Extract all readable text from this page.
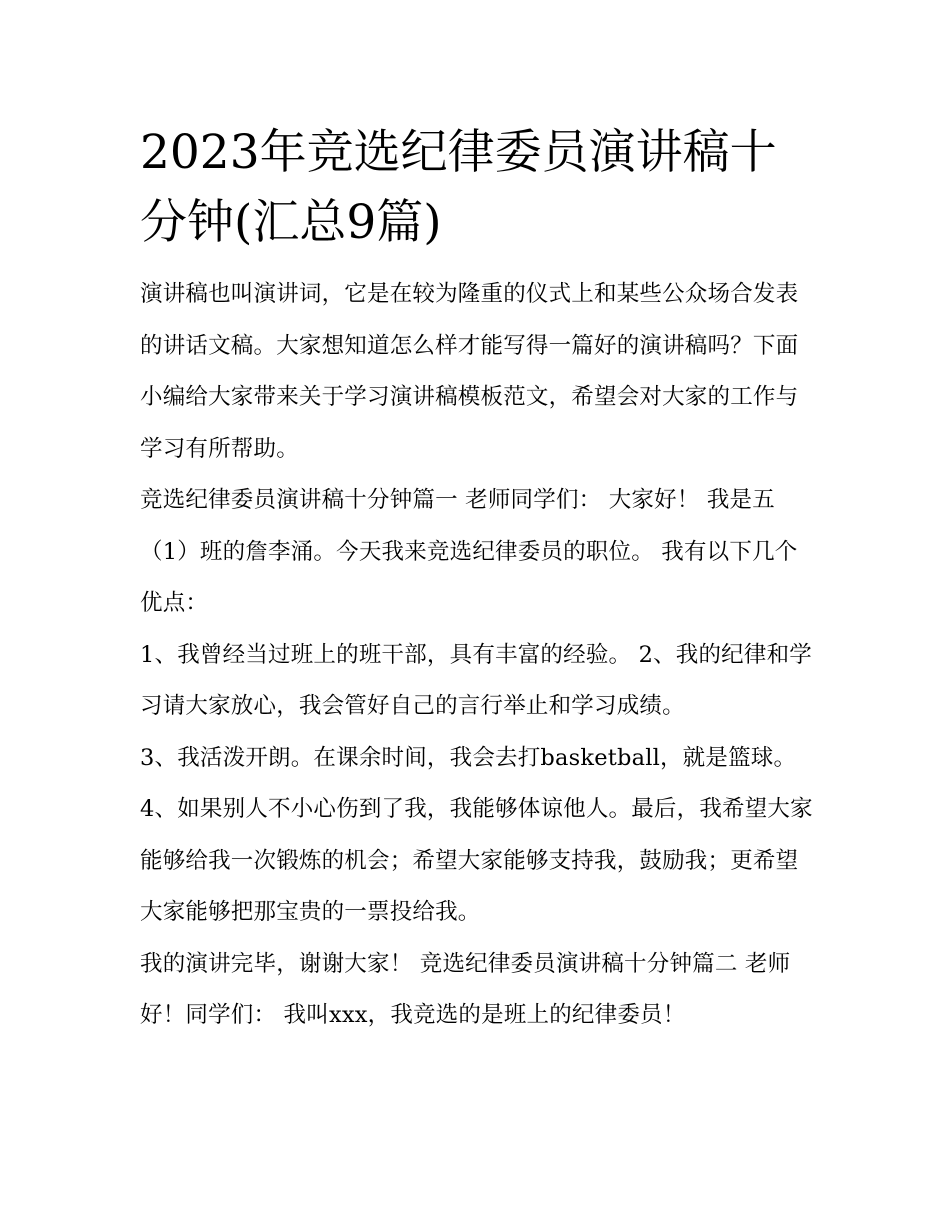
2023年竞选纪律委员演讲稿十
分钟(汇总9篇)

演讲稿也叫演讲词，它是在较为隆重的仪式上和某些公众场合发表的讲话文稿。大家想知道怎么样才能写得一篇好的演讲稿吗？下面小编给大家带来关于学习演讲稿模板范文，希望会对大家的工作与学习有所帮助。

竞选纪律委员演讲稿十分钟篇一 老师同学们： 大家好！ 我是五（1）班的詹李涌。今天我来竞选纪律委员的职位。 我有以下几个优点：

1、我曾经当过班上的班干部，具有丰富的经验。 2、我的纪律和学习请大家放心，我会管好自己的言行举止和学习成绩。

3、我活泼开朗。在课余时间，我会去打basketball，就是篮球。

4、如果别人不小心伤到了我，我能够体谅他人。最后，我希望大家能够给我一次锻炼的机会；希望大家能够支持我，鼓励我；更希望大家能够把那宝贵的一票投给我。

我的演讲完毕，谢谢大家！ 竞选纪律委员演讲稿十分钟篇二 老师好！同学们： 我叫xxx，我竞选的是班上的纪律委员！
